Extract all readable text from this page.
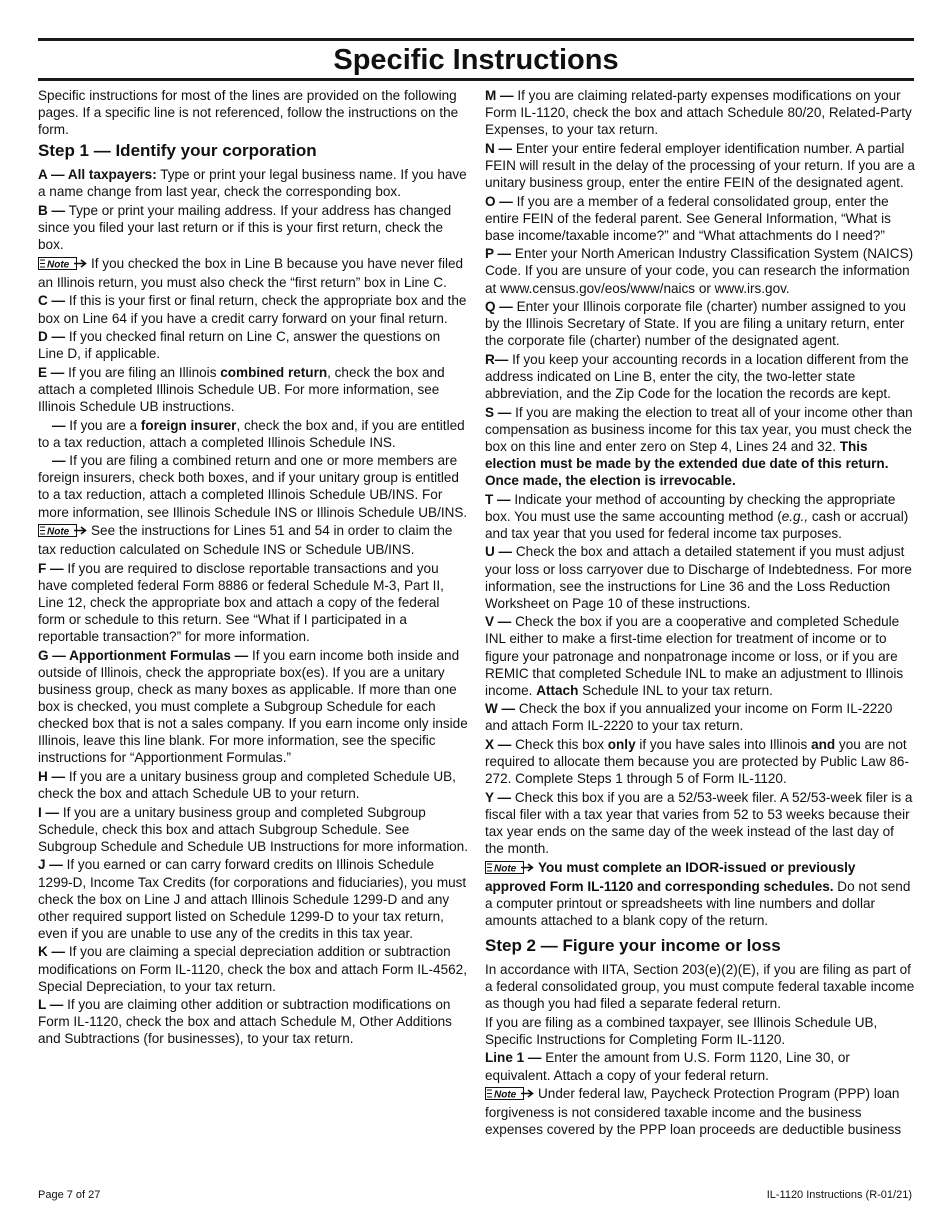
Specific Instructions

Specific instructions for most of the lines are provided on the following pages. If a specific line is not referenced, follow the instructions on the form.

Step 1 — Identify your corporation

A — All taxpayers: Type or print your legal business name. If you have a name change from last year, check the corresponding box.

B — Type or print your mailing address. If your address has changed since you filed your last return or if this is your first return, check the box.

Note If you checked the box in Line B because you have never filed an Illinois return, you must also check the “first return” box in Line C.

C — If this is your first or final return, check the appropriate box and the box on Line 64 if you have a credit carry forward on your final return.

D — If you checked final return on Line C, answer the questions on Line D, if applicable.

E — If you are filing an Illinois combined return, check the box and attach a completed Illinois Schedule UB. For more information, see Illinois Schedule UB instructions.

— If you are a foreign insurer, check the box and, if you are entitled to a tax reduction, attach a completed Illinois Schedule INS.

— If you are filing a combined return and one or more members are foreign insurers, check both boxes, and if your unitary group is entitled to a tax reduction, attach a completed Illinois Schedule UB/INS. For more information, see Illinois Schedule INS or Illinois Schedule UB/INS.

Note See the instructions for Lines 51 and 54 in order to claim the tax reduction calculated on Schedule INS or Schedule UB/INS.

F — If you are required to disclose reportable transactions and you have completed federal Form 8886 or federal Schedule M-3, Part II, Line 12, check the appropriate box and attach a copy of the federal form or schedule to this return. See “What if I participated in a reportable transaction?” for more information.

G — Apportionment Formulas — If you earn income both inside and outside of Illinois, check the appropriate box(es). If you are a unitary business group, check as many boxes as applicable. If more than one box is checked, you must complete a Subgroup Schedule for each checked box that is not a sales company. If you earn income only inside Illinois, leave this line blank. For more information, see the specific instructions for “Apportionment Formulas.”

H — If you are a unitary business group and completed Schedule UB, check the box and attach Schedule UB to your return.

I — If you are a unitary business group and completed Subgroup Schedule, check this box and attach Subgroup Schedule. See Subgroup Schedule and Schedule UB Instructions for more information.

J — If you earned or can carry forward credits on Illinois Schedule 1299-D, Income Tax Credits (for corporations and fiduciaries), you must check the box on Line J and attach Illinois Schedule 1299-D and any other required support listed on Schedule 1299-D to your tax return, even if you are unable to use any of the credits in this tax year.

K — If you are claiming a special depreciation addition or subtraction modifications on Form IL-1120, check the box and attach Form IL-4562, Special Depreciation, to your tax return.

L — If you are claiming other addition or subtraction modifications on Form IL-1120, check the box and attach Schedule M, Other Additions and Subtractions (for businesses), to your tax return.

M — If you are claiming related-party expenses modifications on your Form IL-1120, check the box and attach Schedule 80/20, Related-Party Expenses, to your tax return.

N — Enter your entire federal employer identification number. A partial FEIN will result in the delay of the processing of your return. If you are a unitary business group, enter the entire FEIN of the designated agent.

O — If you are a member of a federal consolidated group, enter the entire FEIN of the federal parent. See General Information, “What is base income/taxable income?” and “What attachments do I need?”

P — Enter your North American Industry Classification System (NAICS) Code. If you are unsure of your code, you can research the information at www.census.gov/eos/www/naics or www.irs.gov.

Q — Enter your Illinois corporate file (charter) number assigned to you by the Illinois Secretary of State. If you are filing a unitary return, enter the corporate file (charter) number of the designated agent.

R— If you keep your accounting records in a location different from the address indicated on Line B, enter the city, the two-letter state abbreviation, and the Zip Code for the location the records are kept.

S — If you are making the election to treat all of your income other than compensation as business income for this tax year, you must check the box on this line and enter zero on Step 4, Lines 24 and 32. This election must be made by the extended due date of this return. Once made, the election is irrevocable.

T — Indicate your method of accounting by checking the appropriate box. You must use the same accounting method (e.g., cash or accrual) and tax year that you used for federal income tax purposes.

U — Check the box and attach a detailed statement if you must adjust your loss or loss carryover due to Discharge of Indebtedness. For more information, see the instructions for Line 36 and the Loss Reduction Worksheet on Page 10 of these instructions.

V — Check the box if you are a cooperative and completed Schedule INL either to make a first-time election for treatment of income or to figure your patronage and nonpatronage income or loss, or if you are REMIC that completed Schedule INL to make an adjustment to Illinois income. Attach Schedule INL to your tax return.

W — Check the box if you annualized your income on Form IL-2220 and attach Form IL-2220 to your tax return.

X — Check this box only if you have sales into Illinois and you are not required to allocate them because you are protected by Public Law 86-272. Complete Steps 1 through 5 of Form IL-1120.

Y — Check this box if you are a 52/53-week filer. A 52/53-week filer is a fiscal filer with a tax year that varies from 52 to 53 weeks because their tax year ends on the same day of the week instead of the last day of the month.

Note You must complete an IDOR-issued or previously approved Form IL-1120 and corresponding schedules. Do not send a computer printout or spreadsheets with line numbers and dollar amounts attached to a blank copy of the return.

Step 2 — Figure your income or loss

In accordance with IITA, Section 203(e)(2)(E), if you are filing as part of a federal consolidated group, you must compute federal taxable income as though you had filed a separate federal return.

If you are filing as a combined taxpayer, see Illinois Schedule UB, Specific Instructions for Completing Form IL-1120.

Line 1 — Enter the amount from U.S. Form 1120, Line 30, or equivalent. Attach a copy of your federal return.

Note Under federal law, Paycheck Protection Program (PPP) loan forgiveness is not considered taxable income and the business expenses covered by the PPP loan proceeds are deductible business

Page 7 of 27	IL-1120 Instructions (R-01/21)
